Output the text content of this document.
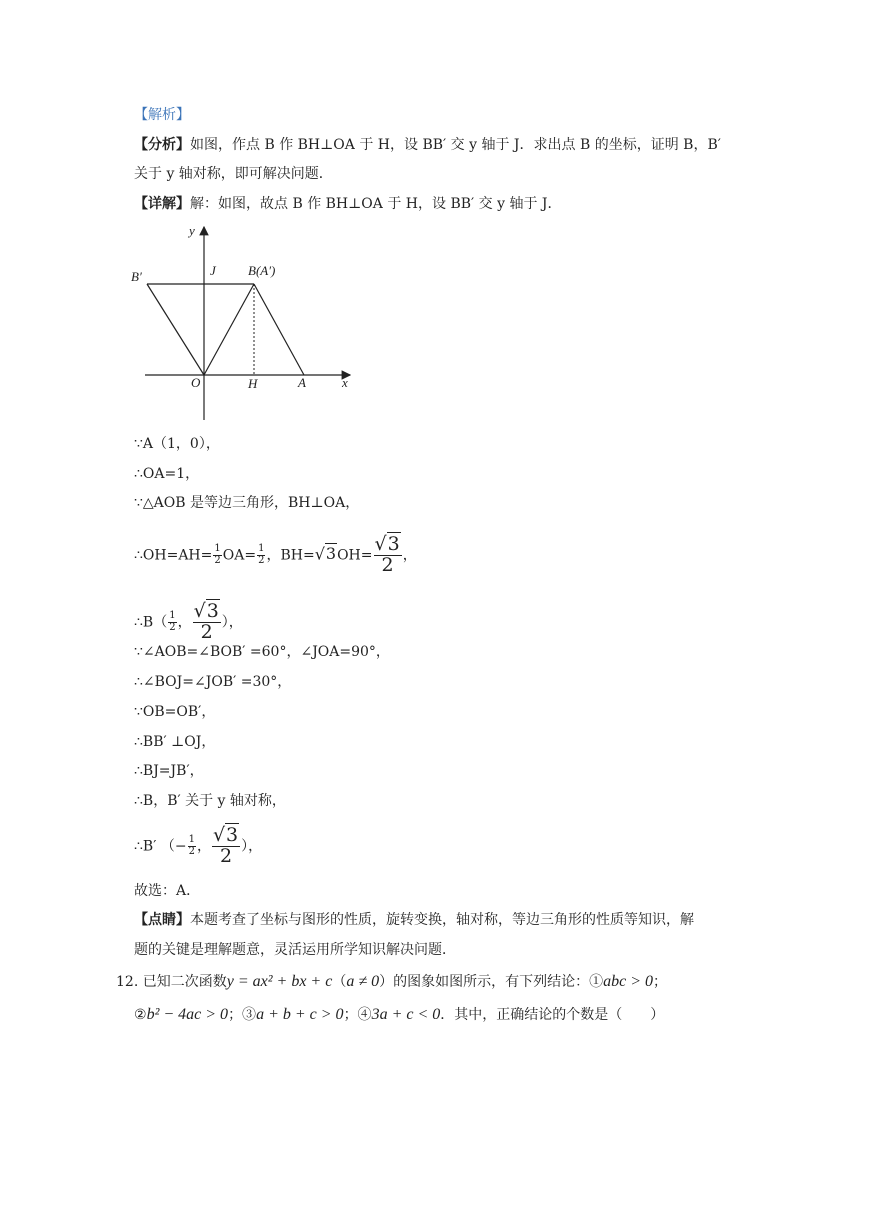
【解析】
【分析】如图，作点 B 作 BH⊥OA 于 H，设 BB′ 交 y 轴于 J．求出点 B 的坐标，证明 B，B′
关于 y 轴对称，即可解决问题．
【详解】解：如图，故点 B 作 BH⊥OA 于 H，设 BB′ 交 y 轴于 J．
y
B′	J B(A′)
O	H	A	x
∵A（1，0），
∴OA=1，
∵△AOB 是等边三角形，BH⊥OA，
∴OH=AH= $\frac{1}{2} OA= \frac{1}{2}$ ，$BH=√3OH= \frac{√3}{2}$ ，
∴B（ $\frac{1}{2}$ ， $\frac{√3}{2}$ ），
∵∠AOB=∠BOB′ =60°，∠JOA=90°，
∴∠BOJ=∠JOB′ =30°，
∵OB=OB′，
∴BB′ ⊥OJ，
∴BJ=JB′，
∴B，B′ 关于 y 轴对称，
∴B′ （− $\frac{1}{2}$ ， $\frac{√3}{2}$ ），
故选：A．
【点睛】本题考查了坐标与图形的性质，旋转变换，轴对称，等边三角形的性质等知识，解
题的关键是理解题意，灵活运用所学知识解决问题．
12. 已知二次函数y = ax² + bx + c（a ≠ 0）的图象如图所示，有下列结论：①abc > 0；
②b² − 4ac > 0；③a + b + c > 0；④3a + c < 0．其中，正确结论的个数是（　　）
